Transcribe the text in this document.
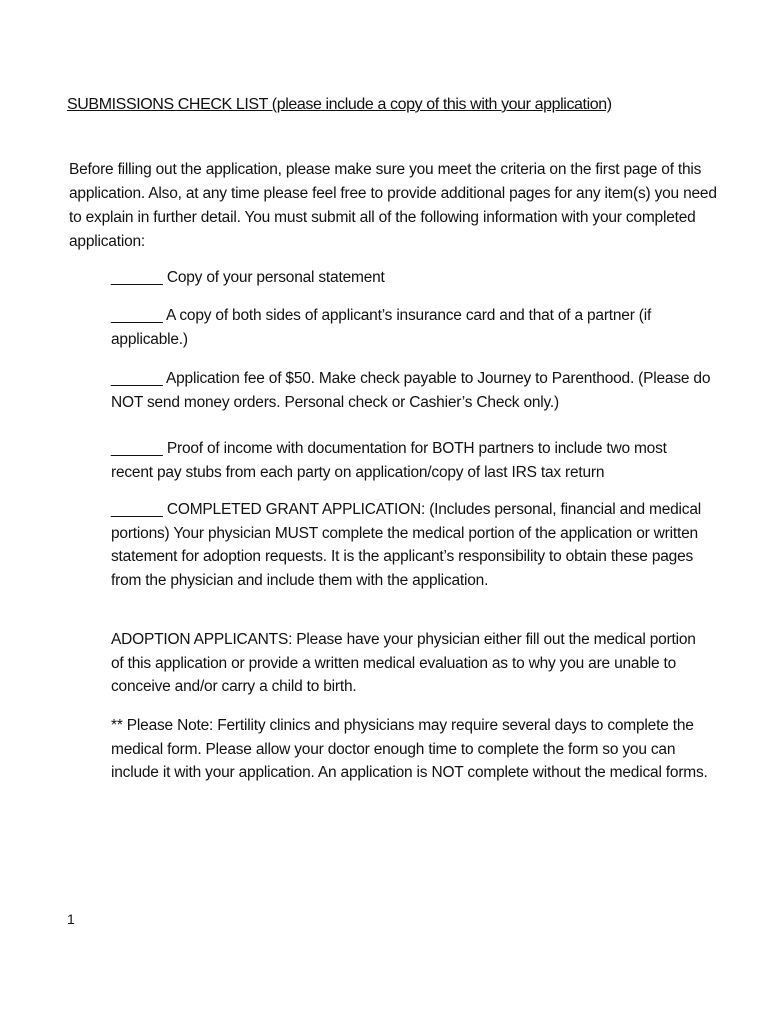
SUBMISSIONS CHECK LIST (please include a copy of this with your application)
Before filling out the application, please make sure you meet the criteria on the first page of this application. Also, at any time please feel free to provide additional pages for any item(s) you need to explain in further detail. You must submit all of the following information with your completed application:
______ Copy of your personal statement
______ A copy of both sides of applicant’s insurance card and that of a partner (if applicable.)
______ Application fee of $50. Make check payable to Journey to Parenthood. (Please do NOT send money orders. Personal check or Cashier’s Check only.)
______ Proof of income with documentation for BOTH partners to include two most recent pay stubs from each party on application/copy of last IRS tax return
______ COMPLETED GRANT APPLICATION: (Includes personal, financial and medical portions) Your physician MUST complete the medical portion of the application or written statement for adoption requests. It is the applicant’s responsibility to obtain these pages from the physician and include them with the application.
ADOPTION APPLICANTS: Please have your physician either fill out the medical portion of this application or provide a written medical evaluation as to why you are unable to conceive and/or carry a child to birth.
** Please Note: Fertility clinics and physicians may require several days to complete the medical form. Please allow your doctor enough time to complete the form so you can include it with your application. An application is NOT complete without the medical forms.
1
